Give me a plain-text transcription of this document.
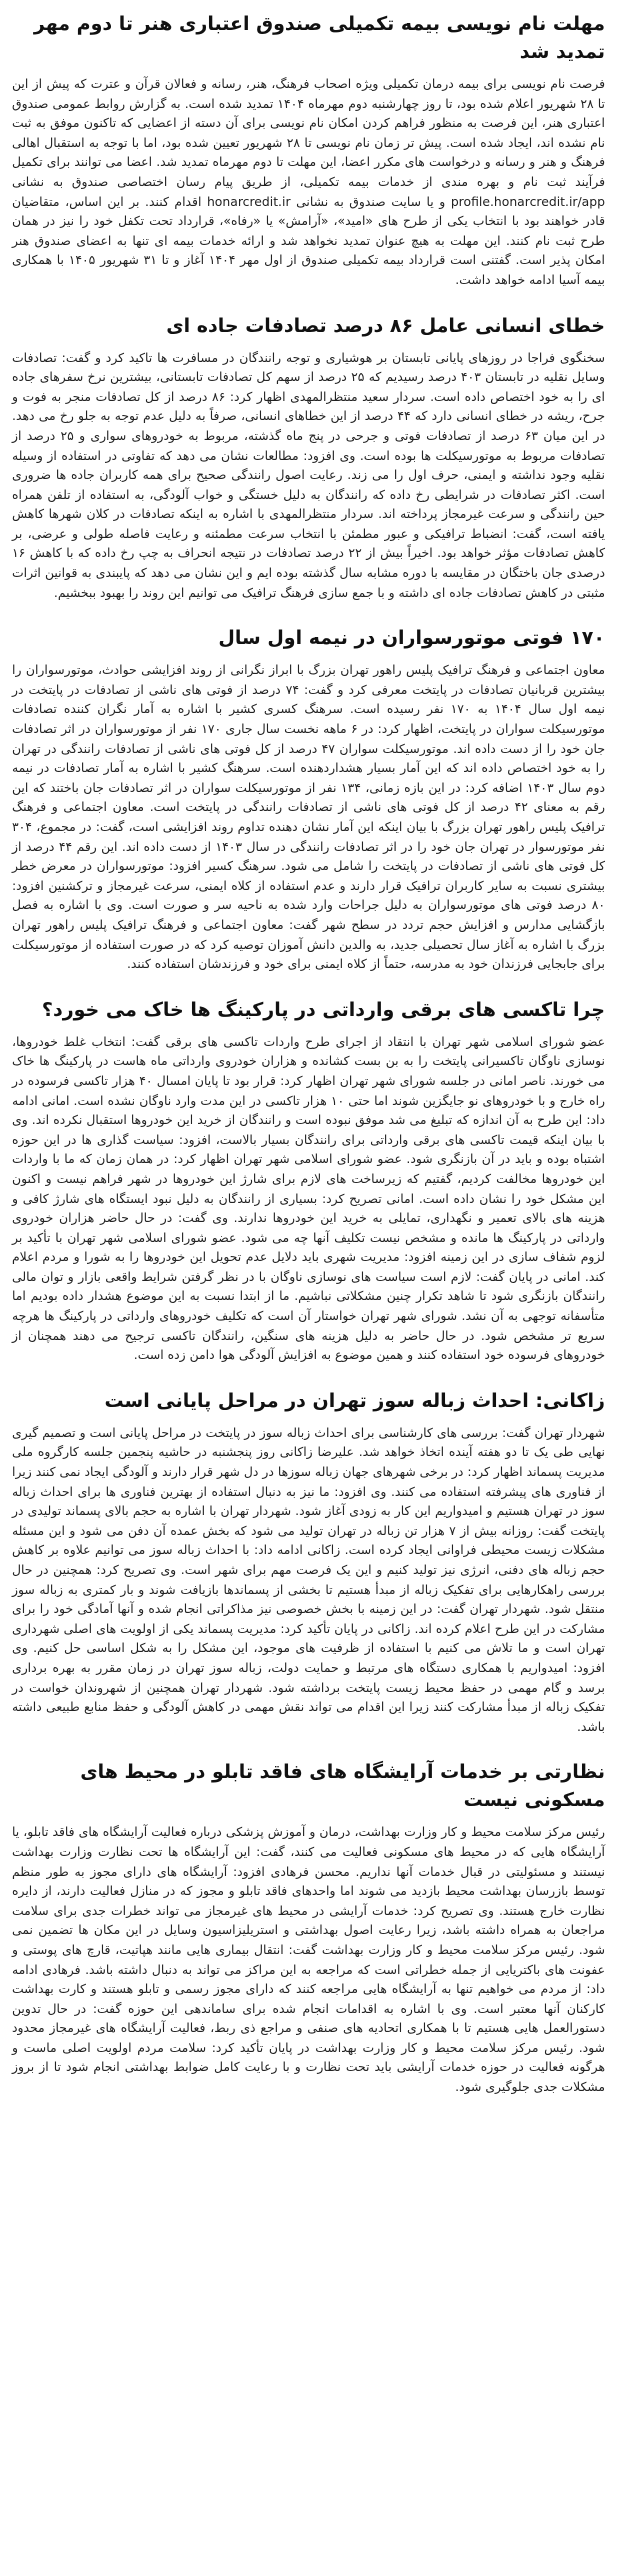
مهلت نام نویسی بیمه تکمیلی صندوق اعتباری هنر تا دوم مهر تمدید شد

فرصت نام نویسی برای بیمه درمان تکمیلی ویژه اصحاب فرهنگ، هنر، رسانه و فعالان قرآن و عترت که پیش از این تا ۲۸ شهریور اعلام شده بود، تا روز چهارشنبه دوم مهرماه ۱۴۰۴ تمدید شده است. به گزارش روابط عمومی صندوق اعتباری هنر، این فرصت به منظور فراهم کردن امکان نام نویسی برای آن دسته از اعضایی که تاکنون موفق به ثبت نام نشده اند، ایجاد شده است. پیش تر زمان نام نویسی تا ۲۸ شهریور تعیین شده بود، اما با توجه به استقبال اهالی فرهنگ و هنر و رسانه و درخواست های مکرر اعضا، این مهلت تا دوم مهرماه تمدید شد. اعضا می توانند برای تکمیل فرآیند ثبت نام و بهره مندی از خدمات بیمه تکمیلی، از طریق پیام رسان اختصاصی صندوق به نشانی profile.honarcredit.ir/app و یا سایت صندوق به نشانی honarcredit.ir اقدام کنند. بر این اساس، متقاضیان قادر خواهند بود با انتخاب یکی از طرح های «امید»، «آرامش» یا «رفاه»، قرارداد تحت تکفل خود را نیز در همان طرح ثبت نام کنند. این مهلت به هیچ عنوان تمدید نخواهد شد و ارائه خدمات بیمه ای تنها به اعضای صندوق هنر امکان پذیر است. گفتنی است قرارداد بیمه تکمیلی صندوق از اول مهر ۱۴۰۴ آغاز و تا ۳۱ شهریور ۱۴۰۵ با همکاری بیمه آسیا ادامه خواهد داشت.

خطای انسانی عامل ۸۶ درصد تصادفات جاده ای

سخنگوی فراجا در روزهای پایانی تابستان بر هوشیاری و توجه رانندگان در مسافرت ها تاکید کرد و گفت: تصادفات وسایل نقلیه در تابستان ۴۰۳ درصد رسیدیم که ۲۵ درصد از سهم کل تصادفات تابستانی، بیشترین نرخ سفرهای جاده ای را به خود اختصاص داده است. سردار سعید منتظرالمهدی اظهار کرد: ۸۶ درصد از کل تصادفات منجر به فوت و جرح، ریشه در خطای انسانی دارد که ۴۴ درصد از این خطاهای انسانی، صرفاً به دلیل عدم توجه به جلو رخ می دهد. در این میان ۶۳ درصد از تصادفات فوتی و جرحی در پنج ماه گذشته، مربوط به خودروهای سواری و ۲۵ درصد از تصادفات مربوط به موتورسیکلت ها بوده است. وی افزود: مطالعات نشان می دهد که تفاوتی در استفاده از وسیله نقلیه وجود نداشته و ایمنی، حرف اول را می زند. رعایت اصول رانندگی صحیح برای همه کاربران جاده ها ضروری است. اکثر تصادفات در شرایطی رخ داده که رانندگان به دلیل خستگی و خواب آلودگی، به استفاده از تلفن همراه حین رانندگی و سرعت غیرمجاز پرداخته اند. سردار منتظرالمهدی با اشاره به اینکه تصادفات در کلان شهرها کاهش یافته است، گفت: انضباط ترافیکی و عبور مطمئن با انتخاب سرعت مطمئنه و رعایت فاصله طولی و عرضی، بر کاهش تصادفات مؤثر خواهد بود. اخیراً بیش از ۲۲ درصد تصادفات در نتیجه انحراف به چپ رخ داده که با کاهش ۱۶ درصدی جان باختگان در مقایسه با دوره مشابه سال گذشته بوده ایم و این نشان می دهد که پایبندی به قوانین اثرات مثبتی در کاهش تصادفات جاده ای داشته و با جمع سازی فرهنگ ترافیک می توانیم این روند را بهبود ببخشیم.

۱۷۰ فوتی موتورسواران در نیمه اول سال

معاون اجتماعی و فرهنگ ترافیک پلیس راهور تهران بزرگ با ابراز نگرانی از روند افزایشی حوادث، موتورسواران را بیشترین قربانیان تصادفات در پایتخت معرفی کرد و گفت: ۷۴ درصد از فوتی های ناشی از تصادفات در پایتخت در نیمه اول سال ۱۴۰۴ به ۱۷۰ نفر رسیده است. سرهنگ کسری کشیر با اشاره به آمار نگران کننده تصادفات موتورسیکلت سواران در پایتخت، اظهار کرد: در ۶ ماهه نخست سال جاری ۱۷۰ نفر از موتورسواران در اثر تصادفات جان خود را از دست داده اند. موتورسیکلت سواران ۴۷ درصد از کل فوتی های ناشی از تصادفات رانندگی در تهران را به خود اختصاص داده اند که این آمار بسیار هشداردهنده است. سرهنگ کشیر با اشاره به آمار تصادفات در نیمه دوم سال ۱۴۰۳ اضافه کرد: در این بازه زمانی، ۱۳۴ نفر از موتورسیکلت سواران در اثر تصادفات جان باختند که این رقم به معنای ۴۲ درصد از کل فوتی های ناشی از تصادفات رانندگی در پایتخت است. معاون اجتماعی و فرهنگ ترافیک پلیس راهور تهران بزرگ با بیان اینکه این آمار نشان دهنده تداوم روند افزایشی است، گفت: در مجموع، ۳۰۴ نفر موتورسوار در تهران جان خود را در اثر تصادفات رانندگی در سال ۱۴۰۳ از دست داده اند. این رقم ۴۴ درصد از کل فوتی های ناشی از تصادفات در پایتخت را شامل می شود. سرهنگ کسیر افزود: موتورسواران در معرض خطر بیشتری نسبت به سایر کاربران ترافیک قرار دارند و عدم استفاده از کلاه ایمنی، سرعت غیرمجاز و ترکشنین افزود: ۸۰ درصد فوتی های موتورسواران به دلیل جراحات وارد شده به ناحیه سر و صورت است. وی با اشاره به فصل بازگشایی مدارس و افزایش حجم تردد در سطح شهر گفت: معاون اجتماعی و فرهنگ ترافیک پلیس راهور تهران بزرگ با اشاره به آغاز سال تحصیلی جدید، به والدین دانش آموزان توصیه کرد که در صورت استفاده از موتورسیکلت برای جابجایی فرزندان خود به مدرسه، حتماً از کلاه ایمنی برای خود و فرزندشان استفاده کنند.

چرا تاکسی های برقی وارداتی در پارکینگ ها خاک می خورد؟

عضو شورای اسلامی شهر تهران با انتقاد از اجرای طرح واردات تاکسی های برقی گفت: انتخاب غلط خودروها، نوسازی ناوگان تاکسیرانی پایتخت را به بن بست کشانده و هزاران خودروی وارداتی ماه هاست در پارکینگ ها خاک می خورند. ناصر امانی در جلسه شورای شهر تهران اظهار کرد: قرار بود تا پایان امسال ۴۰ هزار تاکسی فرسوده در راه خارج و با خودروهای نو جایگزین شوند اما حتی ۱۰ هزار تاکسی در این مدت وارد ناوگان نشده است. امانی ادامه داد: این طرح به آن اندازه که تبلیغ می شد موفق نبوده است و رانندگان از خرید این خودروها استقبال نکرده اند. وی با بیان اینکه قیمت تاکسی های برقی وارداتی برای رانندگان بسیار بالاست، افزود: سیاست گذاری ها در این حوزه اشتباه بوده و باید در آن بازنگری شود. عضو شورای اسلامی شهر تهران اظهار کرد: در همان زمان که ما با واردات این خودروها مخالفت کردیم، گفتیم که زیرساخت های لازم برای شارژ این خودروها در شهر فراهم نیست و اکنون این مشکل خود را نشان داده است. امانی تصریح کرد: بسیاری از رانندگان به دلیل نبود ایستگاه های شارژ کافی و هزینه های بالای تعمیر و نگهداری، تمایلی به خرید این خودروها ندارند. وی گفت: در حال حاضر هزاران خودروی وارداتی در پارکینگ ها مانده و مشخص نیست تکلیف آنها چه می شود. عضو شورای اسلامی شهر تهران با تأکید بر لزوم شفاف سازی در این زمینه افزود: مدیریت شهری باید دلایل عدم تحویل این خودروها را به شورا و مردم اعلام کند. امانی در پایان گفت: لازم است سیاست های نوسازی ناوگان با در نظر گرفتن شرایط واقعی بازار و توان مالی رانندگان بازنگری شود تا شاهد تکرار چنین مشکلاتی نباشیم. ما از ابتدا نسبت به این موضوع هشدار داده بودیم اما متأسفانه توجهی به آن نشد. شورای شهر تهران خواستار آن است که تکلیف خودروهای وارداتی در پارکینگ ها هرچه سریع تر مشخص شود. در حال حاضر به دلیل هزینه های سنگین، رانندگان تاکسی ترجیح می دهند همچنان از خودروهای فرسوده خود استفاده کنند و همین موضوع به افزایش آلودگی هوا دامن زده است.

زاکانی: احداث زباله سوز تهران در مراحل پایانی است

شهردار تهران گفت: بررسی های کارشناسی برای احداث زباله سوز در پایتخت در مراحل پایانی است و تصمیم گیری نهایی طی یک تا دو هفته آینده اتخاذ خواهد شد. علیرضا زاکانی روز پنجشنبه در حاشیه پنجمین جلسه کارگروه ملی مدیریت پسماند اظهار کرد: در برخی شهرهای جهان زباله سوزها در دل شهر قرار دارند و آلودگی ایجاد نمی کنند زیرا از فناوری های پیشرفته استفاده می کنند. وی افزود: ما نیز به دنبال استفاده از بهترین فناوری ها برای احداث زباله سوز در تهران هستیم و امیدواریم این کار به زودی آغاز شود. شهردار تهران با اشاره به حجم بالای پسماند تولیدی در پایتخت گفت: روزانه بیش از ۷ هزار تن زباله در تهران تولید می شود که بخش عمده آن دفن می شود و این مسئله مشکلات زیست محیطی فراوانی ایجاد کرده است. زاکانی ادامه داد: با احداث زباله سوز می توانیم علاوه بر کاهش حجم زباله های دفنی، انرژی نیز تولید کنیم و این یک فرصت مهم برای شهر است. وی تصریح کرد: همچنین در حال بررسی راهکارهایی برای تفکیک زباله از مبدأ هستیم تا بخشی از پسماندها بازیافت شوند و بار کمتری به زباله سوز منتقل شود. شهردار تهران گفت: در این زمینه با بخش خصوصی نیز مذاکراتی انجام شده و آنها آمادگی خود را برای مشارکت در این طرح اعلام کرده اند. زاکانی در پایان تأکید کرد: مدیریت پسماند یکی از اولویت های اصلی شهرداری تهران است و ما تلاش می کنیم با استفاده از ظرفیت های موجود، این مشکل را به شکل اساسی حل کنیم. وی افزود: امیدواریم با همکاری دستگاه های مرتبط و حمایت دولت، زباله سوز تهران در زمان مقرر به بهره برداری برسد و گام مهمی در حفظ محیط زیست پایتخت برداشته شود. شهردار تهران همچنین از شهروندان خواست در تفکیک زباله از مبدأ مشارکت کنند زیرا این اقدام می تواند نقش مهمی در کاهش آلودگی و حفظ منابع طبیعی داشته باشد.

نظارتی بر خدمات آرایشگاه های فاقد تابلو در محیط های مسکونی نیست

رئیس مرکز سلامت محیط و کار وزارت بهداشت، درمان و آموزش پزشکی درباره فعالیت آرایشگاه های فاقد تابلو، یا آرایشگاه هایی که در محیط های مسکونی فعالیت می کنند، گفت: این آرایشگاه ها تحت نظارت وزارت بهداشت نیستند و مسئولیتی در قبال خدمات آنها نداریم. محسن فرهادی افزود: آرایشگاه های دارای مجوز به طور منظم توسط بازرسان بهداشت محیط بازدید می شوند اما واحدهای فاقد تابلو و مجوز که در منازل فعالیت دارند، از دایره نظارت خارج هستند. وی تصریح کرد: خدمات آرایشی در محیط های غیرمجاز می تواند خطرات جدی برای سلامت مراجعان به همراه داشته باشد، زیرا رعایت اصول بهداشتی و استریلیزاسیون وسایل در این مکان ها تضمین نمی شود. رئیس مرکز سلامت محیط و کار وزارت بهداشت گفت: انتقال بیماری هایی مانند هپاتیت، قارچ های پوستی و عفونت های باکتریایی از جمله خطراتی است که مراجعه به این مراکز می تواند به دنبال داشته باشد. فرهادی ادامه داد: از مردم می خواهیم تنها به آرایشگاه هایی مراجعه کنند که دارای مجوز رسمی و تابلو هستند و کارت بهداشت کارکنان آنها معتبر است. وی با اشاره به اقدامات انجام شده برای ساماندهی این حوزه گفت: در حال تدوین دستورالعمل هایی هستیم تا با همکاری اتحادیه های صنفی و مراجع ذی ربط، فعالیت آرایشگاه های غیرمجاز محدود شود. رئیس مرکز سلامت محیط و کار وزارت بهداشت در پایان تأکید کرد: سلامت مردم اولویت اصلی ماست و هرگونه فعالیت در حوزه خدمات آرایشی باید تحت نظارت و با رعایت کامل ضوابط بهداشتی انجام شود تا از بروز مشکلات جدی جلوگیری شود.
